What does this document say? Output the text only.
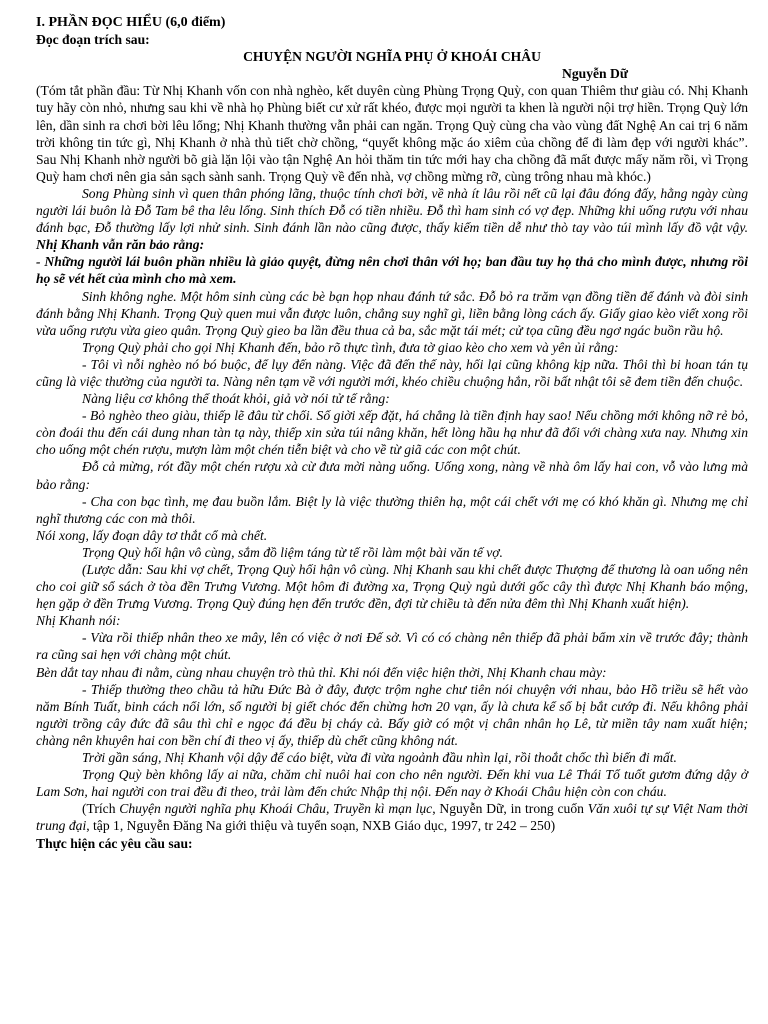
I. PHẦN ĐỌC HIỂU (6,0 điểm)

Đọc đoạn trích sau:

CHUYỆN NGƯỜI NGHĨA PHỤ Ở KHOÁI CHÂU

Nguyễn Dữ

(Tóm tắt phần đầu: Từ Nhị Khanh vốn con nhà nghèo, kết duyên cùng Phùng Trọng Quỳ, con quan Thiêm thư giàu có. Nhị Khanh tuy hãy còn nhỏ, nhưng sau khi về nhà họ Phùng biết cư xử rất khéo, được mọi người ta khen là người nội trợ hiền. Trọng Quỳ lớn lên, dần sinh ra chơi bời lêu lổng; Nhị Khanh thường vẫn phải can ngăn. Trọng Quỳ cùng cha vào vùng đất Nghệ An cai trị 6 năm trời không tin tức gì, Nhị Khanh ở nhà thủ tiết chờ chồng, “quyết không mặc áo xiêm của chồng để đi làm đẹp với người khác”. Sau Nhị Khanh nhờ người bõ già lặn lội vào tận Nghệ An hỏi thăm tin tức mới hay cha chồng đã mất được mấy năm rồi, vì Trọng Quỳ ham chơi nên gia sản sạch sành sanh. Trọng Quỳ về đến nhà, vợ chồng mừng rỡ, cùng trông nhau mà khóc.)

Song Phùng sinh vì quen thân phóng lãng, thuộc tính chơi bời, về nhà ít lâu rồi nết cũ lại đâu đóng đấy, hằng ngày cùng người lái buôn là Đỗ Tam bê tha lêu lổng. Sinh thích Đỗ có tiền nhiều. Đỗ thì ham sinh có vợ đẹp. Những khi uống rượu với nhau đánh bạc, Đỗ thường lấy lợi nhử sinh. Sinh đánh lần nào cũng được, thấy kiếm tiền dễ như thò tay vào túi mình lấy đồ vật vậy. Nhị Khanh vẫn răn bảo rằng:

- Những người lái buôn phần nhiều là giảo quyệt, đừng nên chơi thân với họ; ban đầu tuy họ thả cho mình được, nhưng rồi họ sẽ vét hết của mình cho mà xem.

Sinh không nghe. Một hôm sinh cùng các bè bạn họp nhau đánh tứ sắc. Đỗ bỏ ra trăm vạn đồng tiền để đánh và đòi sinh đánh bằng Nhị Khanh. Trọng Quỳ quen mui vẫn được luôn, chẳng suy nghĩ gì, liền bằng lòng cách ấy. Giấy giao kèo viết xong rồi vừa uống rượu vừa gieo quân. Trọng Quỳ gieo ba lần đều thua cả ba, sắc mặt tái mét; cử tọa cũng đều ngơ ngác buồn rầu hộ.

Trọng Quỳ phải cho gọi Nhị Khanh đến, bảo rõ thực tình, đưa tờ giao kèo cho xem và yên ủi rằng:

- Tôi vì nỗi nghèo nó bó buộc, để lụy đến nàng. Việc đã đến thế này, hối lại cũng không kịp nữa. Thôi thì bi hoan tán tụ cũng là việc thường của người ta. Nàng nên tạm về với người mới, khéo chiều chuộng hắn, rồi bất nhật tôi sẽ đem tiền đến chuộc.

Nàng liệu cơ không thể thoát khỏi, giả vờ nói tử tế rằng:

- Bỏ nghèo theo giàu, thiếp lẽ đâu từ chối. Số giời xếp đặt, há chẳng là tiền định hay sao! Nếu chồng mới không nỡ rẻ bỏ, còn đoái thu đến cái dung nhan tàn tạ này, thiếp xin sửa túi nâng khăn, hết lòng hầu hạ như đã đối với chàng xưa nay. Nhưng xin cho uống một chén rượu, mượn làm một chén tiễn biệt và cho về từ giã các con một chút.

Đỗ cả mừng, rót đầy một chén rượu xà cừ đưa mời nàng uống. Uống xong, nàng về nhà ôm lấy hai con, vỗ vào lưng mà bảo rằng:

- Cha con bạc tình, mẹ đau buồn lắm. Biệt ly là việc thường thiên hạ, một cái chết với mẹ có khó khăn gì. Nhưng mẹ chỉ nghĩ thương các con mà thôi.

Nói xong, lấy đoạn dây tơ thắt cổ mà chết.

Trọng Quỳ hối hận vô cùng, sắm đồ liệm táng từ tế rồi làm một bài văn tế vợ.

(Lược dẫn: Sau khi vợ chết, Trọng Quỳ hối hận vô cùng. Nhị Khanh sau khi chết được Thượng đế thương là oan uổng nên cho coi giữ sổ sách ở tòa đền Trưng Vương. Một hôm đi đường xa, Trọng Quỳ ngủ dưới gốc cây thì được Nhị Khanh báo mộng, hẹn gặp ở đền Trưng Vương. Trọng Quỳ đúng hẹn đến trước đền, đợi từ chiều tà đến nửa đêm thì Nhị Khanh xuất hiện).

Nhị Khanh nói:

- Vừa rồi thiếp nhân theo xe mây, lên có việc ở nơi Đế sở. Vì có có chàng nên thiếp đã phải bẩm xin về trước đây; thành ra cũng sai hẹn với chàng một chút.

Bèn dắt tay nhau đi nằm, cùng nhau chuyện trò thủ thỉ. Khi nói đến việc hiện thời, Nhị Khanh chau mày:

- Thiếp thường theo chầu tả hữu Đức Bà ở đây, được trộm nghe chư tiên nói chuyện với nhau, bảo Hồ triều sẽ hết vào năm Bính Tuất, binh cách nổi lớn, số người bị giết chóc đến chừng hơn 20 vạn, ấy là chưa kể số bị bắt cướp đi. Nếu không phải người trồng cây đức đã sâu thì chỉ e ngọc đá đều bị cháy cả. Bấy giờ có một vị chân nhân họ Lê, từ miền tây nam xuất hiện; chàng nên khuyên hai con bền chí đi theo vị ấy, thiếp dù chết cũng không nát.

Trời gần sáng, Nhị Khanh vội dậy để cáo biệt, vừa đi vừa ngoảnh đầu nhìn lại, rồi thoắt chốc thì biến đi mất.

Trọng Quỳ bèn không lấy ai nữa, chăm chỉ nuôi hai con cho nên người. Đến khi vua Lê Thái Tổ tuốt gươm đứng dậy ở Lam Sơn, hai người con trai đều đi theo, trải làm đến chức Nhập thị nội. Đến nay ở Khoái Châu hiện còn con cháu.

(Trích Chuyện người nghĩa phụ Khoái Châu, Truyền kì mạn lục, Nguyễn Dữ, in trong cuốn Văn xuôi tự sự Việt Nam thời trung đại, tập 1, Nguyễn Đăng Na giới thiệu và tuyển soạn, NXB Giáo dục, 1997, tr 242 – 250)

Thực hiện các yêu cầu sau:
